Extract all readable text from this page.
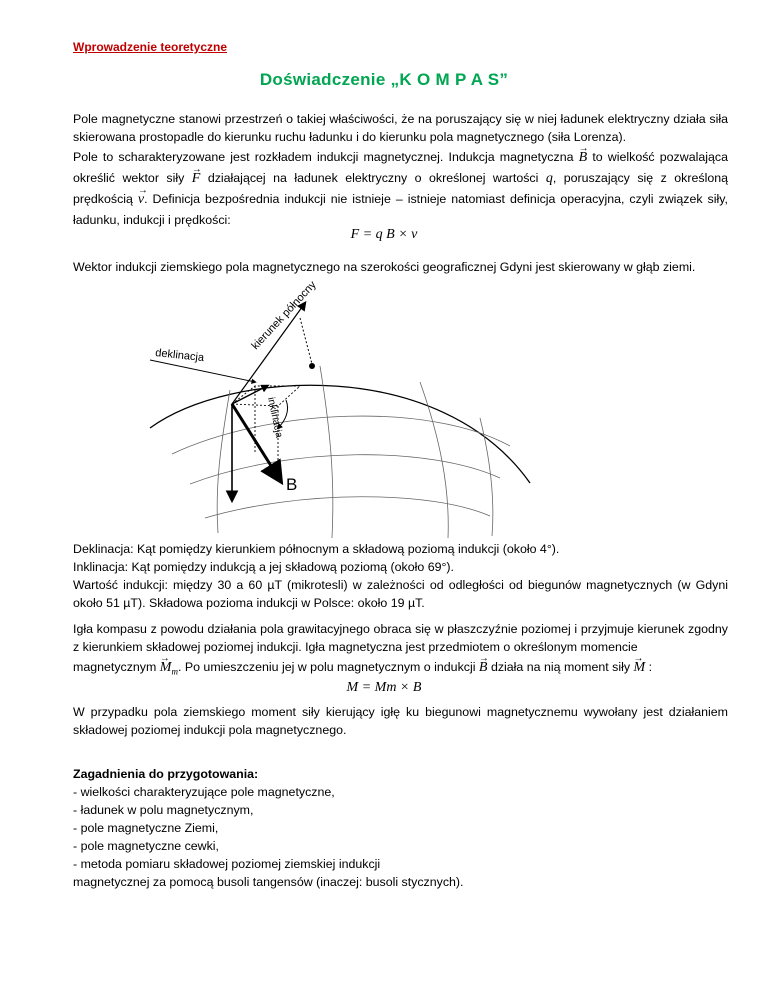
Wprowadzenie teoretyczne
Doświadczenie „K O M P A S”

Pole magnetyczne stanowi przestrzeń o takiej właściwości, że na poruszający się w niej ładunek elektryczny działa siła skierowana prostopadle do kierunku ruchu ładunku i do kierunku pola magnetycznego (siła Lorenza).

Pole to scharakteryzowane jest rozkładem indukcji magnetycznej. Indukcja magnetyczna → B to wielkość pozwalająca określić wektor siły → F działającej na ładunek elektryczny o określonej wartości q, poruszający się z określoną prędkością → v. Definicja bezpośrednia indukcji nie istnieje – istnieje natomiast definicja operacyjna, czyli związek siły, ładunku, indukcji i prędkości:

F = q B × v

Wektor indukcji ziemskiego pola magnetycznego na szerokości geograficznej Gdyni jest skierowany w głąb ziemi.

deklinacja
kierunek północny
B
inklinacja

Deklinacja: Kąt pomiędzy kierunkiem północnym a składową poziomą indukcji (około 4°).

Inklinacja: Kąt pomiędzy indukcją a jej składową poziomą (około 69°).

Wartość indukcji: między 30 a 60 µT (mikrotesli) w zależności od odległości od biegunów magnetycznych (w Gdyni około 51 µT). Składowa pozioma indukcji w Polsce: około 19 µT.

Igła kompasu z powodu działania pola grawitacyjnego obraca się w płaszczyźnie poziomej i przyjmuje kierunek zgodny z kierunkiem składowej poziomej indukcji. Igła magnetyczna jest przedmiotem o określonym momencie

magnetycznym → $M_m$. Po umieszczeniu jej w polu magnetycznym o indukcji → B działa na nią moment siły → M :

M = Mm × B

W przypadku pola ziemskiego moment siły kierujący igłę ku biegunowi magnetycznemu wywołany jest działaniem składowej poziomej indukcji pola magnetycznego.

Zagadnienia do przygotowania:
- wielkości charakteryzujące pole magnetyczne,
- ładunek w polu magnetycznym,
- pole magnetyczne Ziemi,
- pole magnetyczne cewki,
- metoda pomiaru składowej poziomej ziemskiej indukcji
magnetycznej za pomocą busoli tangensów (inaczej: busoli stycznych).
